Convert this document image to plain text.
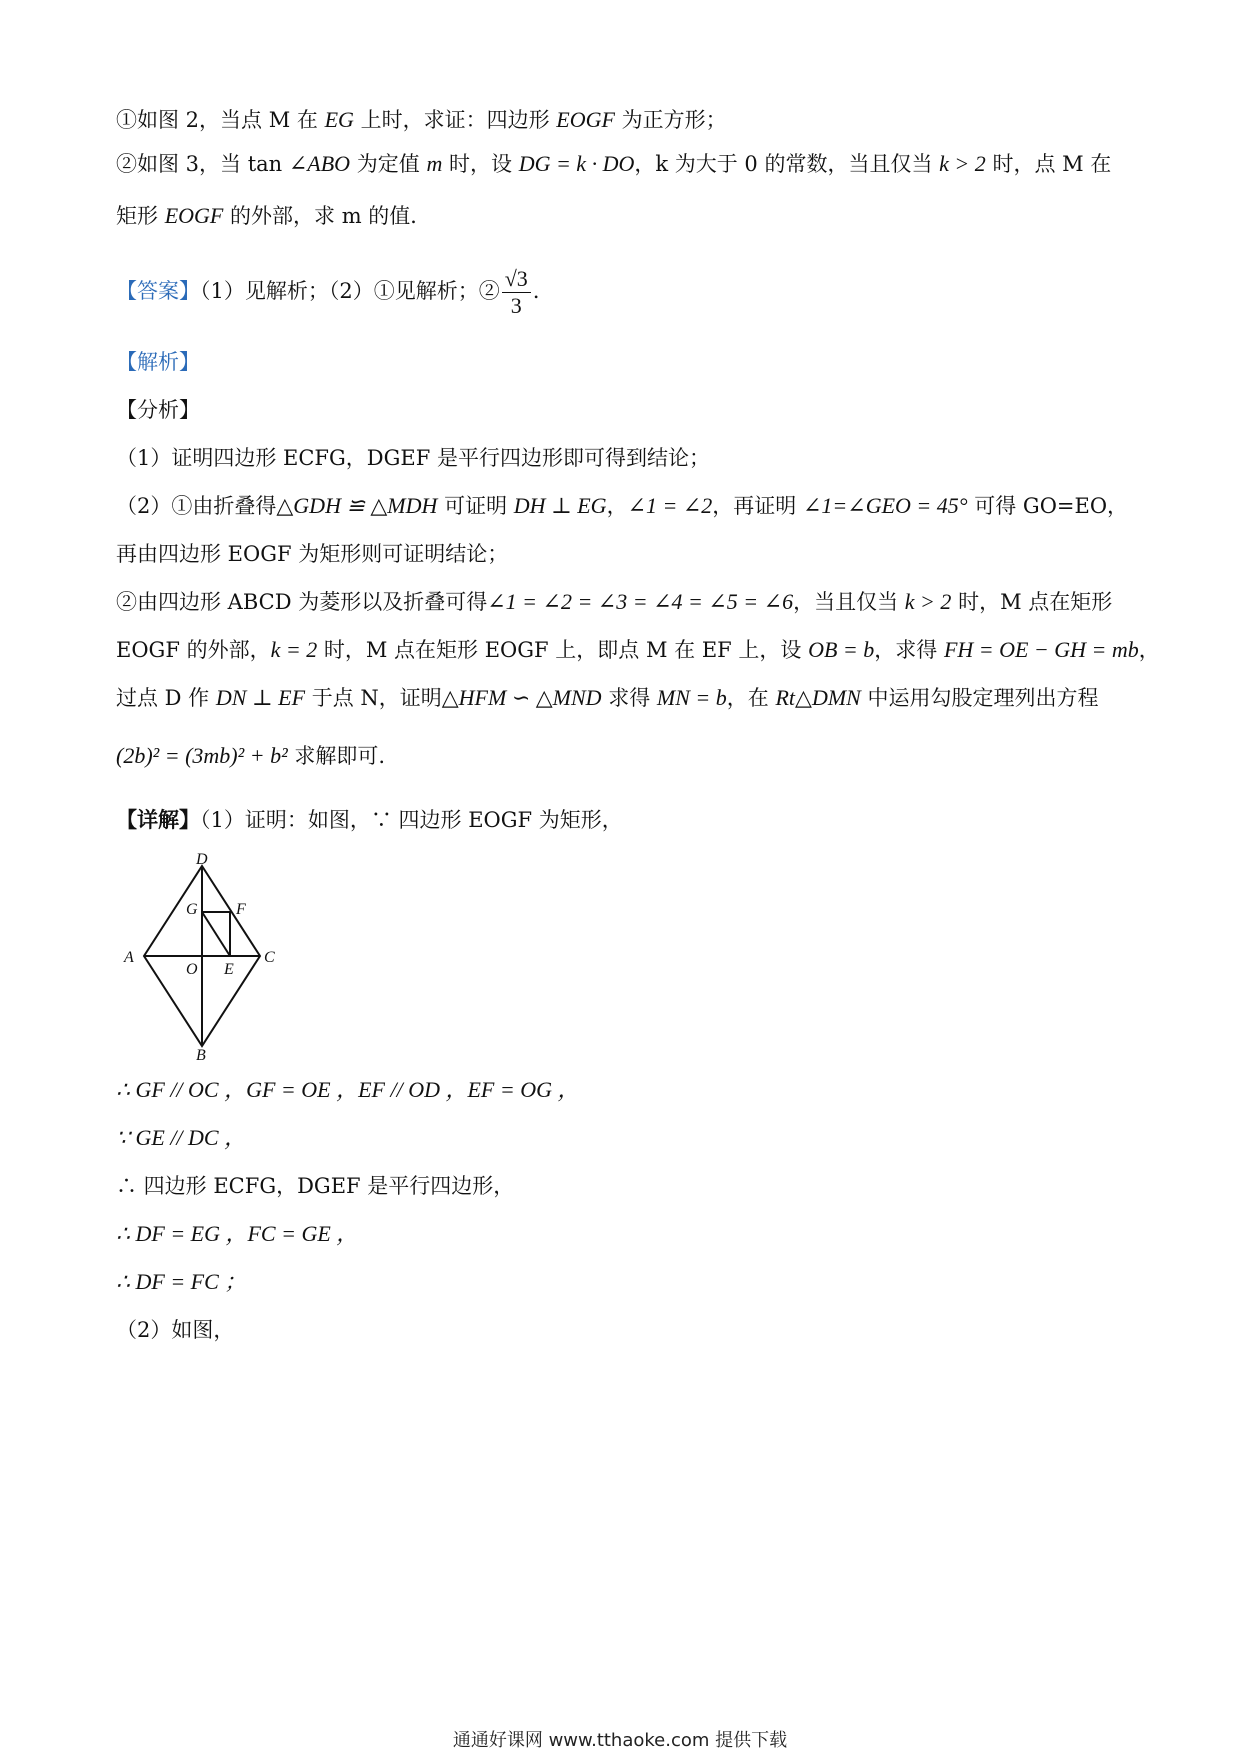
①如图 2，当点 M 在 EG 上时，求证：四边形 EOGF 为正方形；
②如图 3，当 tan ∠ABO 为定值 m 时，设 DG = k · DO，k 为大于 0 的常数，当且仅当 k > 2 时，点 M 在
矩形 EOGF 的外部，求 m 的值．
【答案】（1）见解析；（2）①见解析；② $\frac{√3}{3}$ ．
【解析】
【分析】
（1）证明四边形 ECFG，DGEF 是平行四边形即可得到结论；
（2）①由折叠得△GDH ≌ △MDH 可证明 DH ⊥ EG，∠1 = ∠2，再证明 ∠1=∠GEO = 45° 可得 GO=EO，
再由四边形 EOGF 为矩形则可证明结论；
②由四边形 ABCD 为菱形以及折叠可得∠1 = ∠2 = ∠3 = ∠4 = ∠5 = ∠6，当且仅当 k > 2 时，M 点在矩形
EOGF 的外部，k = 2 时，M 点在矩形 EOGF 上，即点 M 在 EF 上，设 OB = b，求得 FH = OE − GH = mb，
过点 D 作 DN ⊥ EF 于点 N，证明△HFM ∽ △MND 求得 MN = b，在 Rt△DMN 中运用勾股定理列出方程
(2b)² = (3mb)² + b² 求解即可.
【详解】（1）证明：如图，∵ 四边形 EOGF 为矩形，
D
G F
A
O E
C
B
∴ GF // OC ，GF = OE ，EF // OD ，EF = OG ，
∵ GE // DC ，
∴ 四边形 ECFG，DGEF 是平行四边形，
∴ DF = EG ，FC = GE ，
∴ DF = FC ；
（2）如图，
通通好课网 www.tthaoke.com 提供下载
